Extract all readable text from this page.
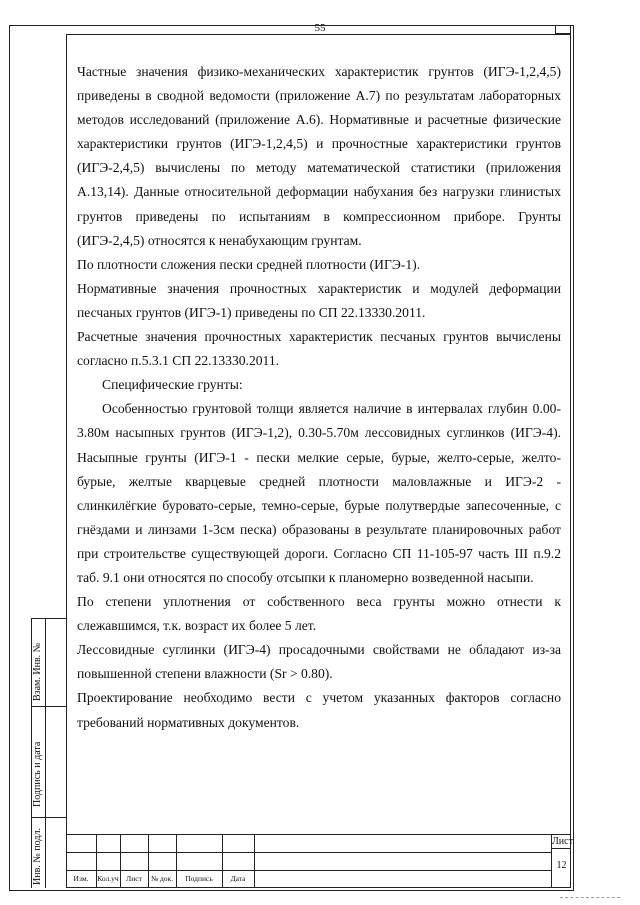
55

Частные значения физико-механических характеристик грунтов (ИГЭ-1,2,4,5) приведены в сводной ведомости (приложение А.7) по результатам лабораторных методов исследований (приложение А.6). Нормативные и расчетные физические характеристики грунтов (ИГЭ-1,2,4,5) и прочностные характеристики грунтов (ИГЭ-2,4,5) вычислены по методу математической статистики (приложения А.13,14). Данные относительной деформации набухания без нагрузки глинистых грунтов приведены по испытаниям в компрессионном приборе. Грунты (ИГЭ-2,4,5) относятся к ненабухающим грунтам.

По плотности сложения пески средней плотности (ИГЭ-1).

Нормативные значения прочностных характеристик и модулей деформации песчаных грунтов (ИГЭ-1) приведены по СП 22.13330.2011.

Расчетные значения прочностных характеристик песчаных грунтов вычислены согласно п.5.3.1 СП 22.13330.2011.

Специфические грунты:

Особенностью грунтовой толщи является наличие в интервалах глубин 0.00-3.80м насыпных грунтов (ИГЭ-1,2), 0.30-5.70м лессовидных суглинков (ИГЭ-4). Насыпные грунты (ИГЭ-1 - пески мелкие серые, бурые, желто-серые, желто-бурые, желтые кварцевые средней плотности маловлажные и ИГЭ-2 - слинкилёгкие буровато-серые, темно-серые, бурые полутвердые запесоченные, с гнёздами и линзами 1-3см песка) образованы в результате планировочных работ при строительстве существующей дороги. Согласно СП 11-105-97 часть III п.9.2 таб. 9.1 они относятся по способу отсыпки к планомерно возведенной насыпи.

По степени уплотнения от собственного веса грунты можно отнести к слежавшимся, т.к. возраст их более 5 лет.

Лессовидные суглинки (ИГЭ-4) просадочными свойствами не обладают из-за повышенной степени влажности (Sr > 0.80).

Проектирование необходимо вести с учетом указанных факторов согласно требований нормативных документов.

Взам. Инв. №
Подпись и дата
Инв. № подл.	Изм.	Кол.уч Лист	№ док.	Подпись	Дата
Лист
12
